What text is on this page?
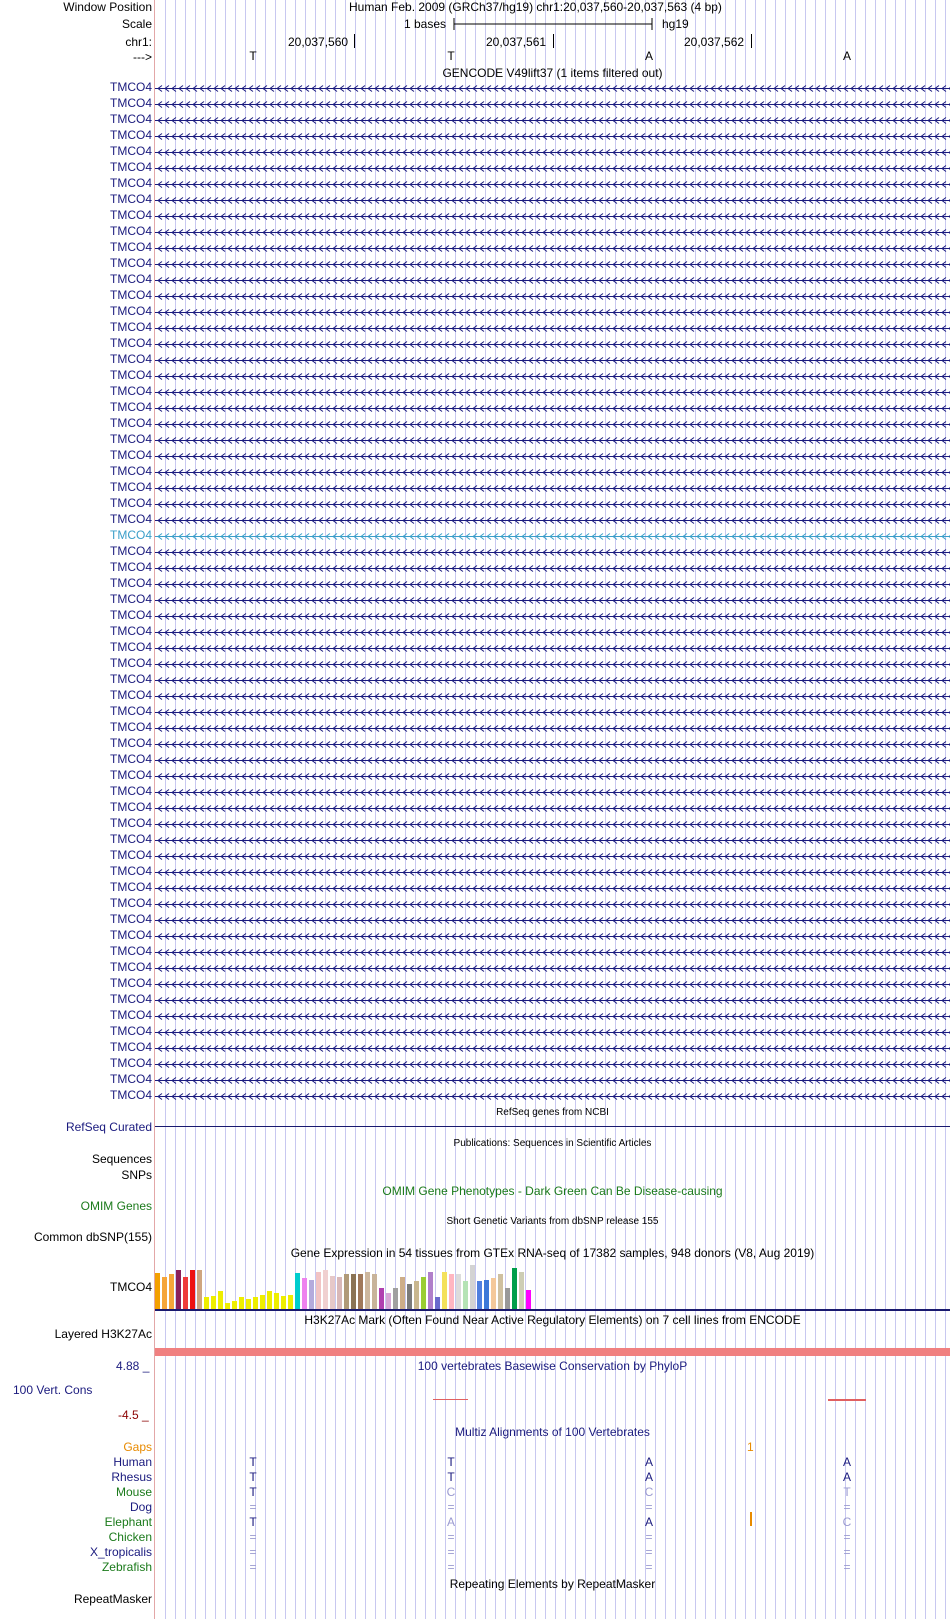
Window Position	Human Feb. 2009 (GRCh37/hg19) chr1:20,037,560-20,037,563 (4 bp)
Scale	1 bases	hg19
chr1:	20,037,560	20,037,561	20,037,562
--->	T	T	A	A
GENCODE V49lift37 (1 items filtered out)
TMCO4
TMCO4
TMCO4
TMCO4
TMCO4
TMCO4
TMCO4
TMCO4
TMCO4
TMCO4
TMCO4
TMCO4
TMCO4
TMCO4
TMCO4
TMCO4
TMCO4
TMCO4
TMCO4
TMCO4
TMCO4
TMCO4
TMCO4
TMCO4
TMCO4
TMCO4
TMCO4
TMCO4
TMCO4
TMCO4
TMCO4
TMCO4
TMCO4
TMCO4
TMCO4
TMCO4
TMCO4
TMCO4
TMCO4
TMCO4
TMCO4
TMCO4
TMCO4
TMCO4
TMCO4
TMCO4
TMCO4
TMCO4
TMCO4
TMCO4
TMCO4
TMCO4
TMCO4
TMCO4
TMCO4
TMCO4
TMCO4
TMCO4
TMCO4
TMCO4
TMCO4
TMCO4
TMCO4
TMCO4
RefSeq genes from NCBI
RefSeq Curated
Publications: Sequences in Scientific Articles
Sequences
SNPs
OMIM Gene Phenotypes - Dark Green Can Be Disease-causing
OMIM Genes
Short Genetic Variants from dbSNP release 155
Common dbSNP(155)
Gene Expression in 54 tissues from GTEx RNA-seq of 17382 samples, 948 donors (V8, Aug 2019)
TMCO4
H3K27Ac Mark (Often Found Near Active Regulatory Elements) on 7 cell lines from ENCODE
Layered H3K27Ac
100 vertebrates Basewise Conservation by PhyloP
4.88 _
100 Vert. Cons
-4.5 _
Multiz Alignments of 100 Vertebrates
Gaps	1
Human	T	T	A	A
Rhesus	T	T	A	A
Mouse	T	C	C	T
Dog	=	=	=	=
Elephant	T	A	A	C
Chicken	=	=	=	=
X_tropicalis	=	=	=	=
Zebrafish	=	=	=	=
Repeating Elements by RepeatMasker
RepeatMasker
